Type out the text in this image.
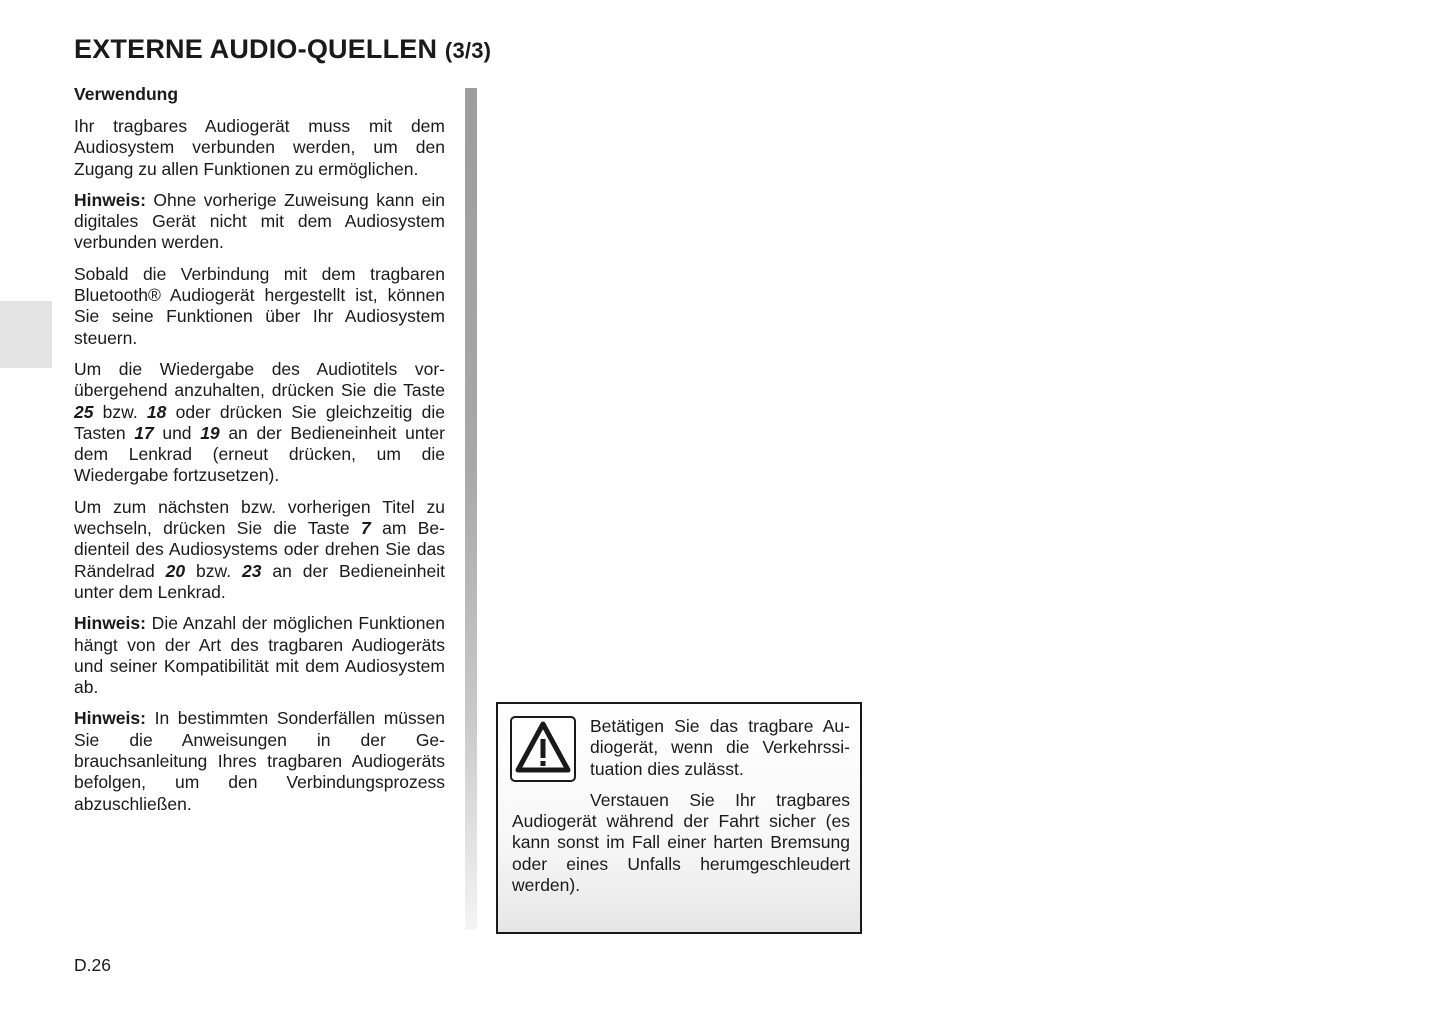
EXTERNE AUDIO-QUELLEN (3/3)
Verwendung

Ihr tragbares Audiogerät muss mit dem Audiosystem verbunden werden, um den Zugang zu allen Funktionen zu ermöglichen.

Hinweis: Ohne vorherige Zuweisung kann ein digitales Gerät nicht mit dem Audiosystem verbunden werden.

Sobald die Verbindung mit dem tragbaren Bluetooth® Audiogerät hergestellt ist, können Sie seine Funktionen über Ihr Audiosystem steuern.

Um die Wiedergabe des Audiotitels vorübergehend anzuhalten, drücken Sie die Taste 25 bzw. 18 oder drücken Sie gleichzeitig die Tasten 17 und 19 an der Bedieneinheit unter dem Lenkrad (erneut drücken, um die Wiedergabe fortzusetzen).

Um zum nächsten bzw. vorherigen Titel zu wechseln, drücken Sie die Taste 7 am Bedienteil des Audiosystems oder drehen Sie das Rändelrad 20 bzw. 23 an der Bedieneinheit unter dem Lenkrad.

Hinweis: Die Anzahl der möglichen Funktionen hängt von der Art des tragbaren Audiogeräts und seiner Kompatibilität mit dem Audiosystem ab.

Hinweis: In bestimmten Sonderfällen müssen Sie die Anweisungen in der Gebrauchsanleitung Ihres tragbaren Audiogeräts befolgen, um den Verbindungsprozess abzuschließen.

Betätigen Sie das tragbare Audiogerät, wenn die Verkehrssituation dies zulässt.

Verstauen Sie Ihr tragbares Audiogerät während der Fahrt sicher (es kann sonst im Fall einer harten Bremsung oder eines Unfalls herumgeschleudert werden).

D.26
